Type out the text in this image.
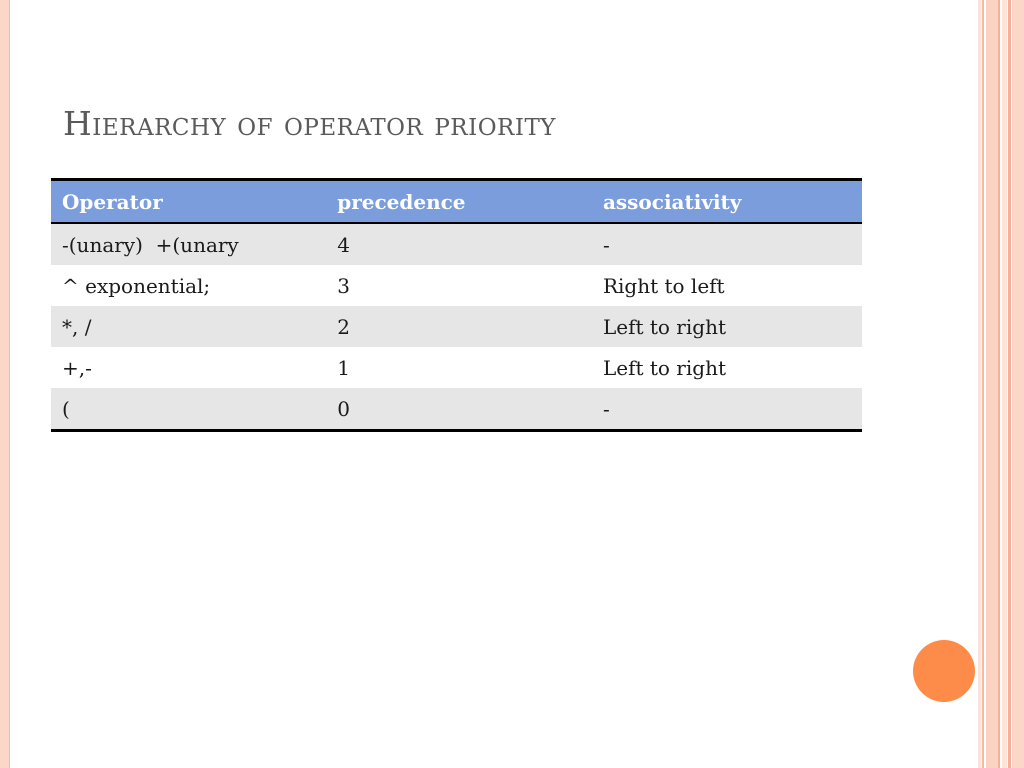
Hierarchy of operator priority
Operator	precedence	associativity
-(unary)  +(unary	4	-
^ exponential;	3	Right to left
*, /	2	Left to right
+,-	1	Left to right
(	0	-
